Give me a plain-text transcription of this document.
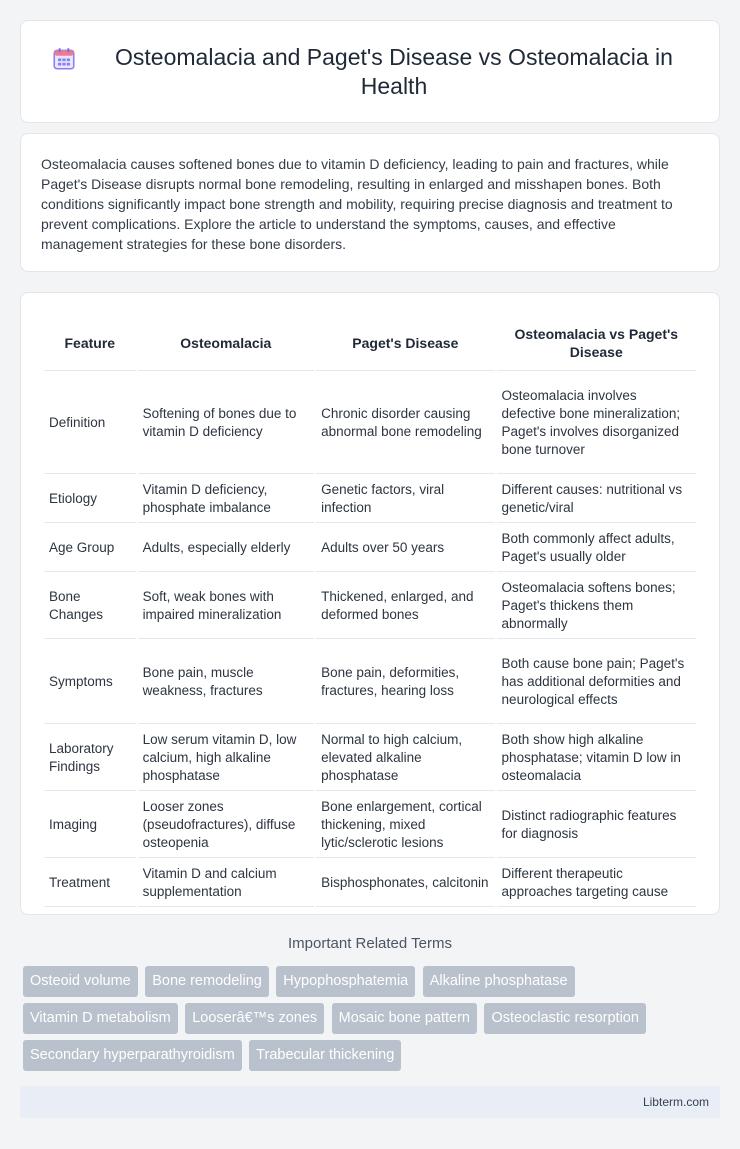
Osteomalacia and Paget's Disease vs Osteomalacia in Health

Osteomalacia causes softened bones due to vitamin D deficiency, leading to pain and fractures, while Paget's Disease disrupts normal bone remodeling, resulting in enlarged and misshapen bones. Both conditions significantly impact bone strength and mobility, requiring precise diagnosis and treatment to prevent complications. Explore the article to understand the symptoms, causes, and effective management strategies for these bone disorders.

Feature	Osteomalacia	Paget's Disease	Osteomalacia vs Paget's Disease
Definition	Softening of bones due to vitamin D deficiency	Chronic disorder causing abnormal bone remodeling	Osteomalacia involves defective bone mineralization; Paget's involves disorganized bone turnover
Etiology	Vitamin D deficiency, phosphate imbalance	Genetic factors, viral infection	Different causes: nutritional vs genetic/viral
Age Group	Adults, especially elderly	Adults over 50 years	Both commonly affect adults, Paget's usually older
Bone Changes	Soft, weak bones with impaired mineralization	Thickened, enlarged, and deformed bones	Osteomalacia softens bones; Paget's thickens them abnormally
Symptoms	Bone pain, muscle weakness, fractures	Bone pain, deformities, fractures, hearing loss	Both cause bone pain; Paget's has additional deformities and neurological effects
Laboratory Findings	Low serum vitamin D, low calcium, high alkaline phosphatase	Normal to high calcium, elevated alkaline phosphatase	Both show high alkaline phosphatase; vitamin D low in osteomalacia
Imaging	Looser zones (pseudofractures), diffuse osteopenia	Bone enlargement, cortical thickening, mixed lytic/sclerotic lesions	Distinct radiographic features for diagnosis
Treatment	Vitamin D and calcium supplementation	Bisphosphonates, calcitonin	Different therapeutic approaches targeting cause
Important Related Terms
Osteoid volume Bone remodeling Hypophosphatemia Alkaline phosphatase Vitamin D metabolism Looserâ€™s zones Mosaic bone pattern Osteoclastic resorption Secondary hyperparathyroidism Trabecular thickening
Libterm.com
